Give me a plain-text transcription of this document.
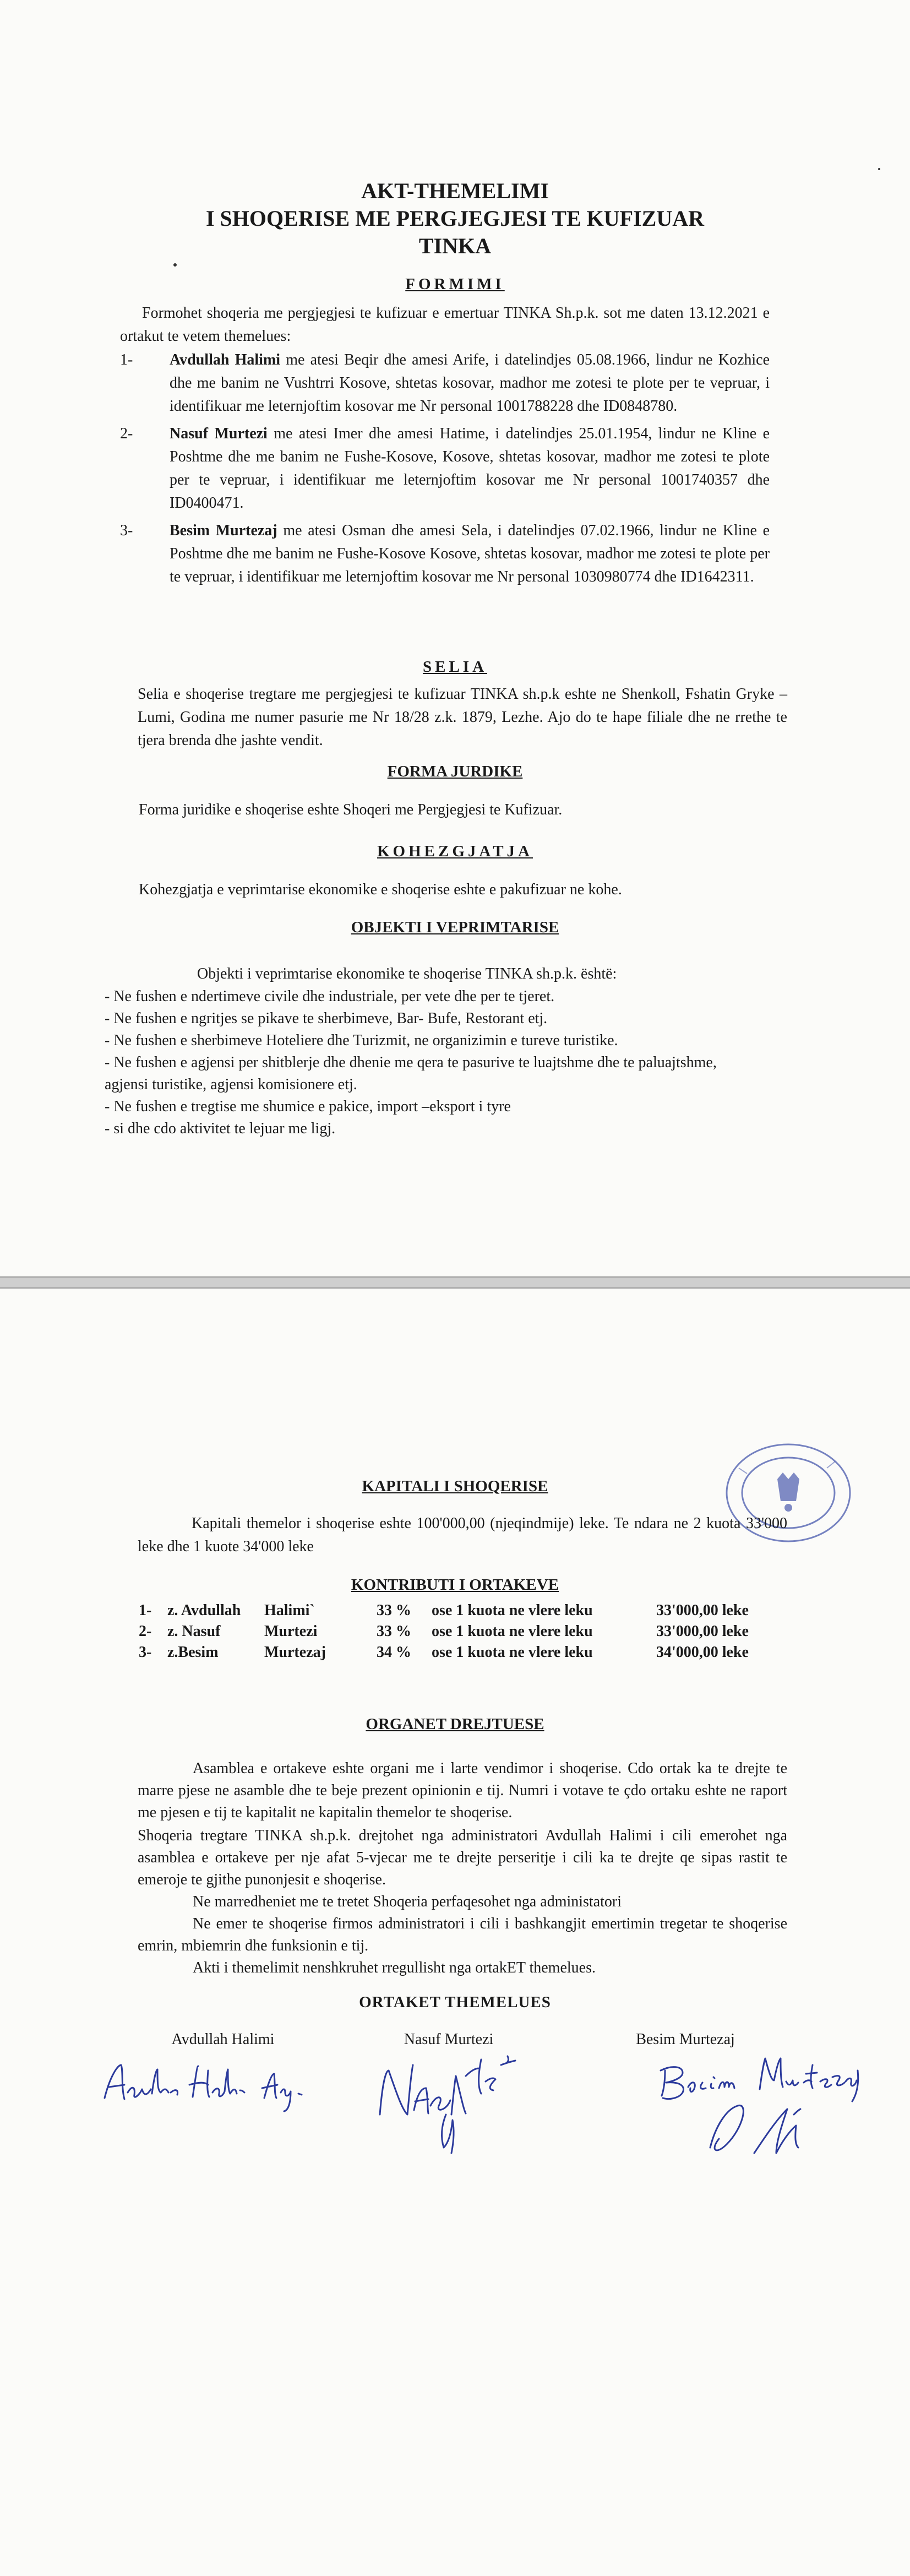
AKT-THEMELIMI
I SHOQERISE ME PERGJEGJESI TE KUFIZUAR
TINKA
FORMIMI
Formohet shoqeria me pergjegjesi te kufizuar e emertuar TINKA Sh.p.k. sot me daten 13.12.2021 e ortakut te vetem themelues:
1- Avdullah Halimi me atesi Beqir dhe amesi Arife, i datelindjes 05.08.1966, lindur ne Kozhice dhe me banim ne Vushtrri Kosove, shtetas kosovar, madhor me zotesi te plote per te vepruar, i identifikuar me leternjoftim kosovar me Nr personal 1001788228 dhe ID0848780.
2- Nasuf Murtezi me atesi Imer dhe amesi Hatime, i datelindjes 25.01.1954, lindur ne Kline e Poshtme dhe me banim ne Fushe-Kosove, Kosove, shtetas kosovar, madhor me zotesi te plote per te vepruar, i identifikuar me leternjoftim kosovar me Nr personal 1001740357 dhe ID0400471.
3- Besim Murtezaj me atesi Osman dhe amesi Sela, i datelindjes 07.02.1966, lindur ne Kline e Poshtme dhe me banim ne Fushe-Kosove Kosove, shtetas kosovar, madhor me zotesi te plote per te vepruar, i identifikuar me leternjoftim kosovar me Nr personal 1030980774 dhe ID1642311.
SELIA
Selia e shoqerise tregtare me pergjegjesi te kufizuar TINKA sh.p.k eshte ne Shenkoll, Fshatin Gryke –Lumi, Godina me numer pasurie me Nr 18/28 z.k. 1879, Lezhe. Ajo do te hape filiale dhe ne rrethe te tjera brenda dhe jashte vendit.
FORMA JURDIKE
Forma juridike e shoqerise eshte Shoqeri me Pergjegjesi te Kufizuar.
KOHEZGJATJA
Kohezgjatja e veprimtarise ekonomike e shoqerise eshte e pakufizuar ne kohe.
OBJEKTI I VEPRIMTARISE
Objekti i veprimtarise ekonomike te shoqerise TINKA sh.p.k. është:
- Ne fushen e ndertimeve civile dhe industriale, per vete dhe per te tjeret.
- Ne fushen e ngritjes se pikave te sherbimeve, Bar- Bufe, Restorant etj.
- Ne fushen e sherbimeve Hoteliere dhe Turizmit, ne organizimin e tureve turistike.
- Ne fushen e agjensi per shitblerje dhe dhenie me qera te pasurive te luajtshme dhe te paluajtshme, agjensi turistike, agjensi komisionere etj.
- Ne fushen e tregtise me shumice e pakice, import –eksport i tyre
- si dhe cdo aktivitet te lejuar me ligj.
KAPITALI I SHOQERISE
Kapitali themelor i shoqerise eshte 100'000,00 (njeqindmije) leke. Te ndara ne 2 kuota 33'000 leke dhe 1 kuote 34'000 leke
KONTRIBUTI I ORTAKEVE
1-	z. Avdullah	Halimi`	33 %	ose 1 kuota ne vlere leku	33'000,00 leke
2-	z. Nasuf	Murtezi	33 %	ose 1 kuota ne vlere leku	33'000,00 leke
3-	z.Besim	Murtezaj	34 %	ose 1 kuota ne vlere leku	34'000,00 leke
ORGANET DREJTUESE
Asamblea e ortakeve eshte organi me i larte vendimor i shoqerise. Cdo ortak ka te drejte te marre pjese ne asamble dhe te beje prezent opinionin e tij. Numri i votave te çdo ortaku eshte ne raport me pjesen e tij te kapitalit ne kapitalin themelor te shoqerise.
Shoqeria tregtare TINKA sh.p.k. drejtohet nga administratori Avdullah Halimi i cili emerohet nga asamblea e ortakeve per nje afat 5-vjecar me te drejte perseritje i cili ka te drejte qe sipas rastit te emeroje te gjithe punonjesit e shoqerise.
Ne marredheniet me te tretet Shoqeria perfaqesohet nga administatori
Ne emer te shoqerise firmos administratori i cili i bashkangjit emertimin tregetar te shoqerise emrin, mbiemrin dhe funksionin e tij.
Akti i themelimit nenshkruhet rregullisht nga ortakET themelues.
ORTAKET THEMELUES
Avdullah Halimi	Nasuf Murtezi	Besim Murtezaj
